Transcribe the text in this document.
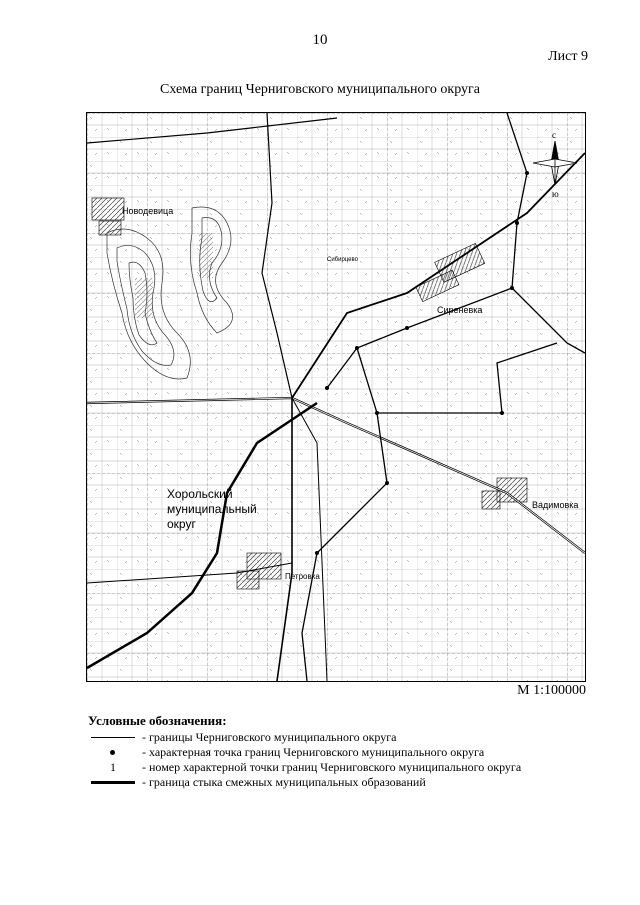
10
Лист 9
Схема границ Черниговского муниципального округа
с
ю
Новодевица
Сибирцево
Сиреневка
Вадимовка
Петровка
Хорольский
муниципальный
округ
М 1:100000
Условные обозначения:
- границы Черниговского муниципального округа
- характерная точка границ Черниговского муниципального округа
1	- номер характерной точки границ Черниговского муниципального округа
- граница стыка смежных муниципальных образований
